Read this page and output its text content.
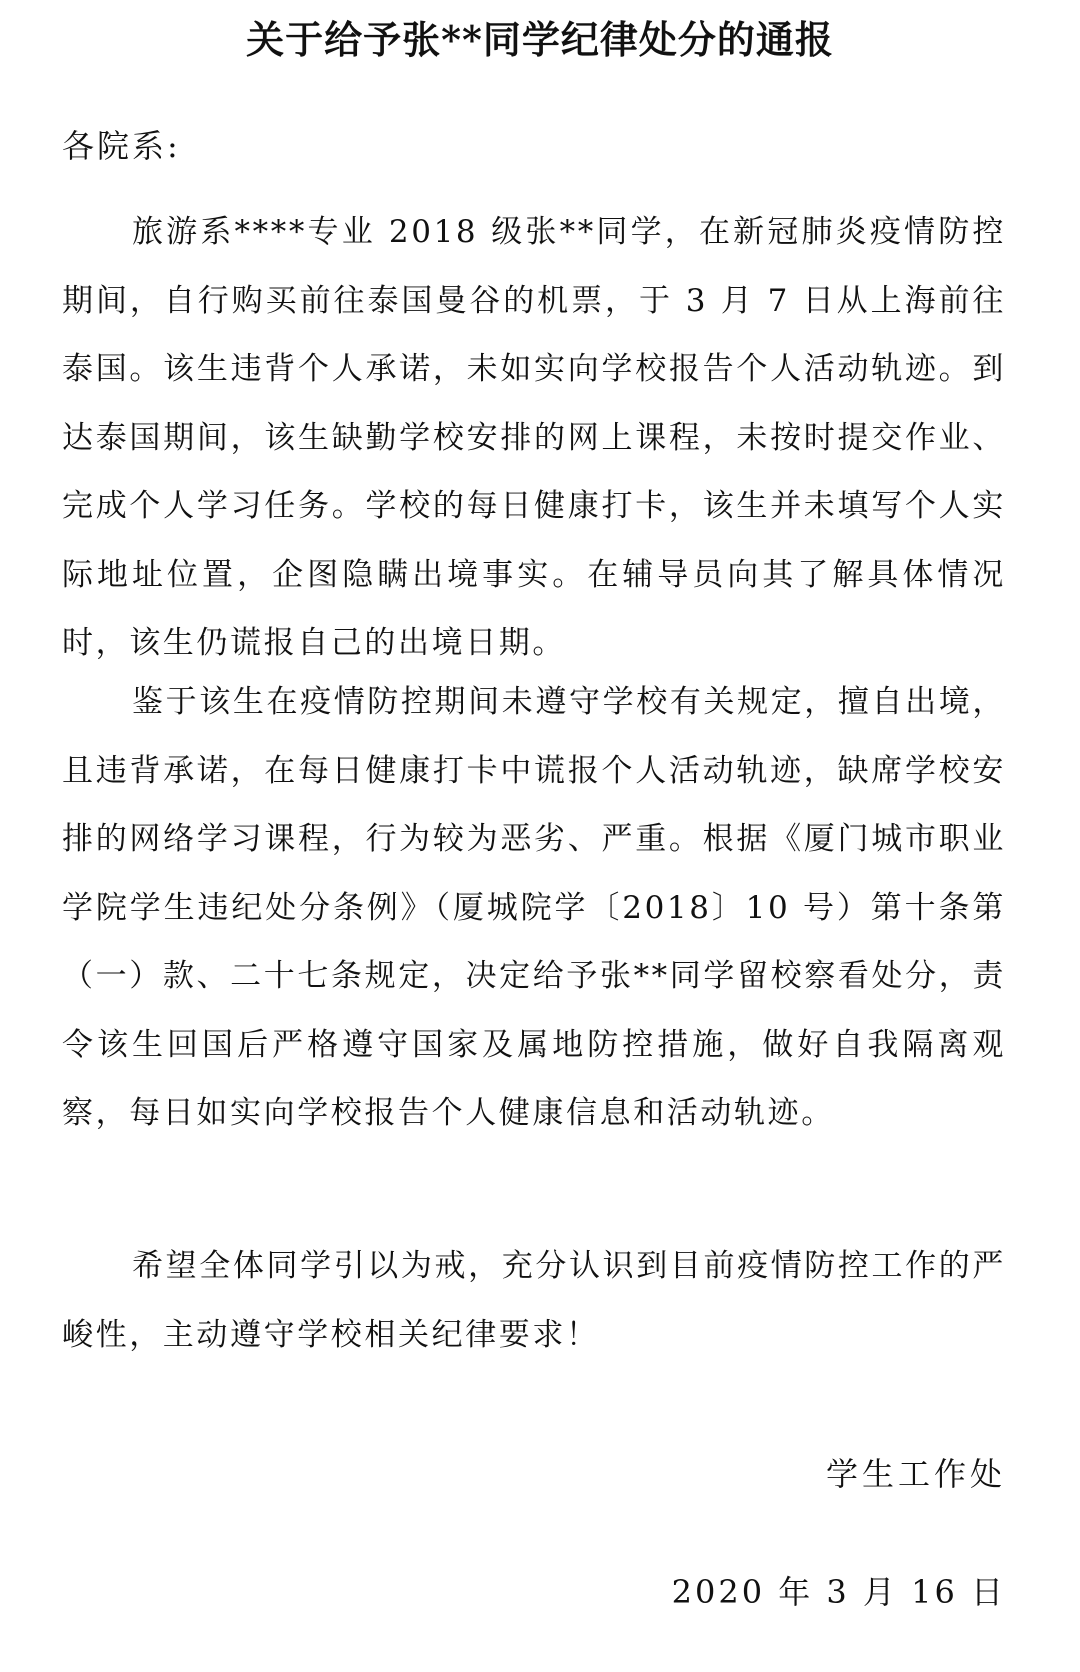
关于给予张**同学纪律处分的通报
各院系:

旅游系****专业 2018 级张**同学，在新冠肺炎疫情防控期间，自行购买前往泰国曼谷的机票，于 3 月 7 日从上海前往泰国。该生违背个人承诺，未如实向学校报告个人活动轨迹。到达泰国期间，该生缺勤学校安排的网上课程，未按时提交作业、完成个人学习任务。学校的每日健康打卡，该生并未填写个人实际地址位置，企图隐瞒出境事实。在辅导员向其了解具体情况时，该生仍谎报自己的出境日期。

鉴于该生在疫情防控期间未遵守学校有关规定，擅自出境，且违背承诺，在每日健康打卡中谎报个人活动轨迹，缺席学校安排的网络学习课程，行为较为恶劣、严重。根据《厦门城市职业学院学生违纪处分条例》（厦城院学〔2018〕10 号）第十条第（一）款、二十七条规定，决定给予张**同学留校察看处分，责令该生回国后严格遵守国家及属地防控措施，做好自我隔离观察，每日如实向学校报告个人健康信息和活动轨迹。

希望全体同学引以为戒，充分认识到目前疫情防控工作的严峻性，主动遵守学校相关纪律要求！

学生工作处
2020 年 3 月 16 日
